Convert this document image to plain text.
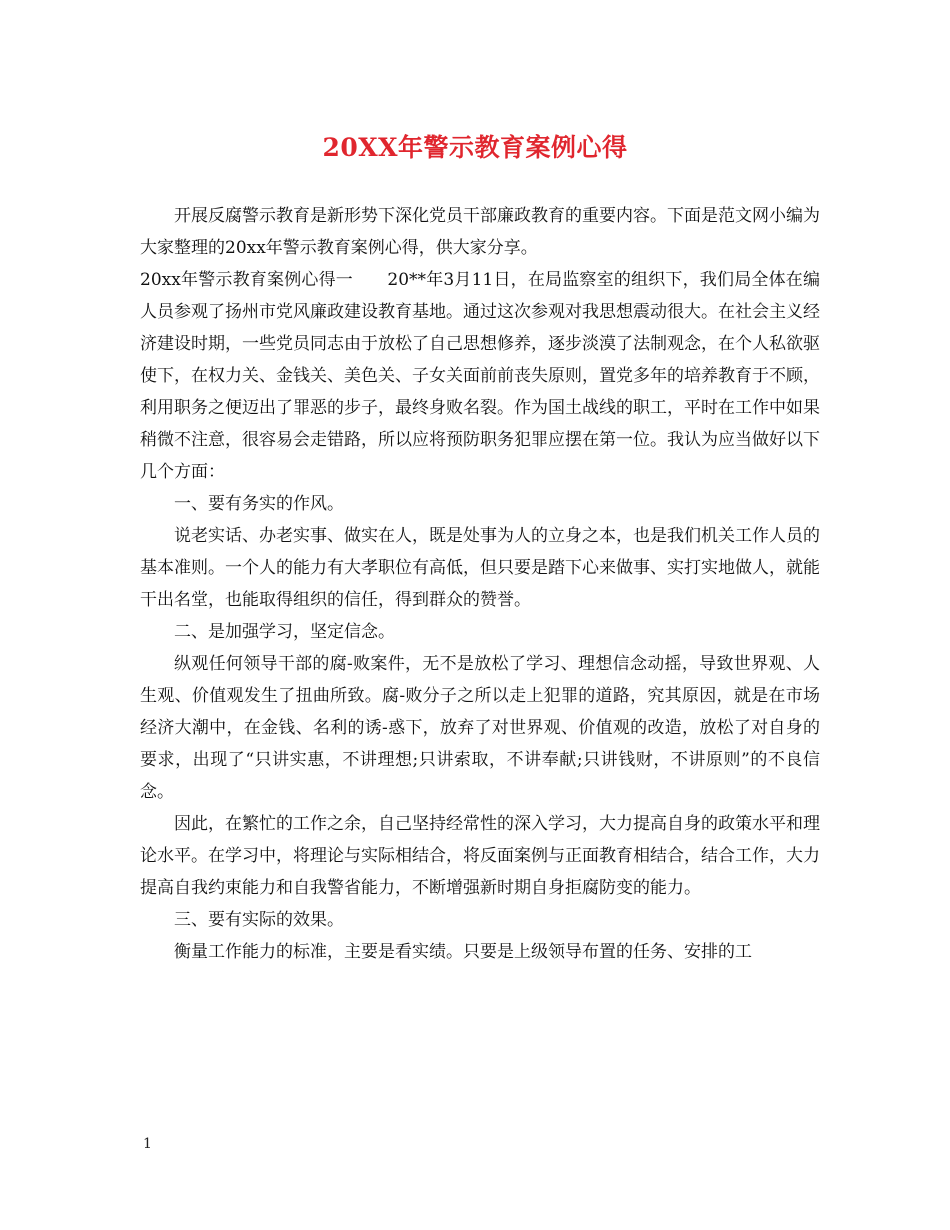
20XX年警示教育案例心得

开展反腐警示教育是新形势下深化党员干部廉政教育的重要内容。下面是范文网小编为大家整理的20xx年警示教育案例心得，供大家分享。

20xx年警示教育案例心得一　　20**年3月11日，在局监察室的组织下，我们局全体在编人员参观了扬州市党风廉政建设教育基地。通过这次参观对我思想震动很大。在社会主义经济建设时期，一些党员同志由于放松了自己思想修养，逐步淡漠了法制观念，在个人私欲驱使下，在权力关、金钱关、美色关、子女关面前前丧失原则，置党多年的培养教育于不顾，利用职务之便迈出了罪恶的步子，最终身败名裂。作为国土战线的职工，平时在工作中如果稍微不注意，很容易会走错路，所以应将预防职务犯罪应摆在第一位。我认为应当做好以下几个方面：

一、要有务实的作风。

说老实话、办老实事、做实在人，既是处事为人的立身之本，也是我们机关工作人员的基本准则。一个人的能力有大孝职位有高低，但只要是踏下心来做事、实打实地做人，就能干出名堂，也能取得组织的信任，得到群众的赞誉。

二、是加强学习，坚定信念。

纵观任何领导干部的腐-败案件，无不是放松了学习、理想信念动摇，导致世界观、人生观、价值观发生了扭曲所致。腐-败分子之所以走上犯罪的道路，究其原因，就是在市场经济大潮中，在金钱、名利的诱-惑下，放弃了对世界观、价值观的改造，放松了对自身的要求，出现了“只讲实惠，不讲理想;只讲索取，不讲奉献;只讲钱财，不讲原则”的不良信念。

因此，在繁忙的工作之余，自己坚持经常性的深入学习，大力提高自身的政策水平和理论水平。在学习中，将理论与实际相结合，将反面案例与正面教育相结合，结合工作，大力提高自我约束能力和自我警省能力，不断增强新时期自身拒腐防变的能力。

三、要有实际的效果。

衡量工作能力的标准，主要是看实绩。只要是上级领导布置的任务、安排的工

1
